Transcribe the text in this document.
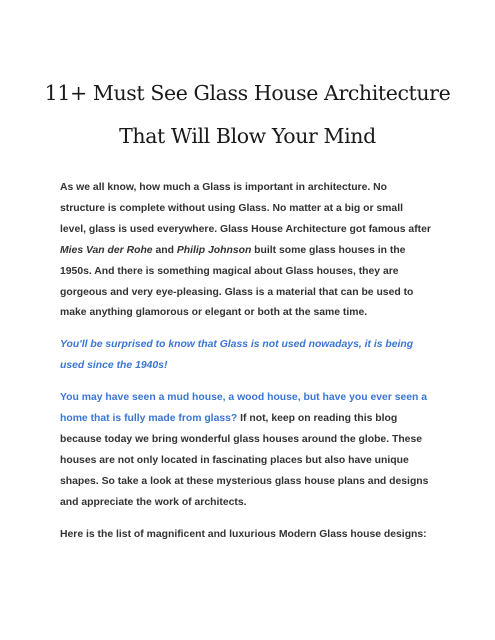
11+ Must See Glass House Architecture
That Will Blow Your Mind

As we all know, how much a Glass is important in architecture. No
structure is complete without using Glass. No matter at a big or small
level, glass is used everywhere. Glass House Architecture got famous after
Mies Van der Rohe and Philip Johnson built some glass houses in the
1950s. And there is something magical about Glass houses, they are
gorgeous and very eye-pleasing. Glass is a material that can be used to
make anything glamorous or elegant or both at the same time.

You'll be surprised to know that Glass is not used nowadays, it is being
used since the 1940s!

You may have seen a mud house, a wood house, but have you ever seen a
home that is fully made from glass? If not, keep on reading this blog
because today we bring wonderful glass houses around the globe. These
houses are not only located in fascinating places but also have unique
shapes. So take a look at these mysterious glass house plans and designs
and appreciate the work of architects.

Here is the list of magnificent and luxurious Modern Glass house designs:
